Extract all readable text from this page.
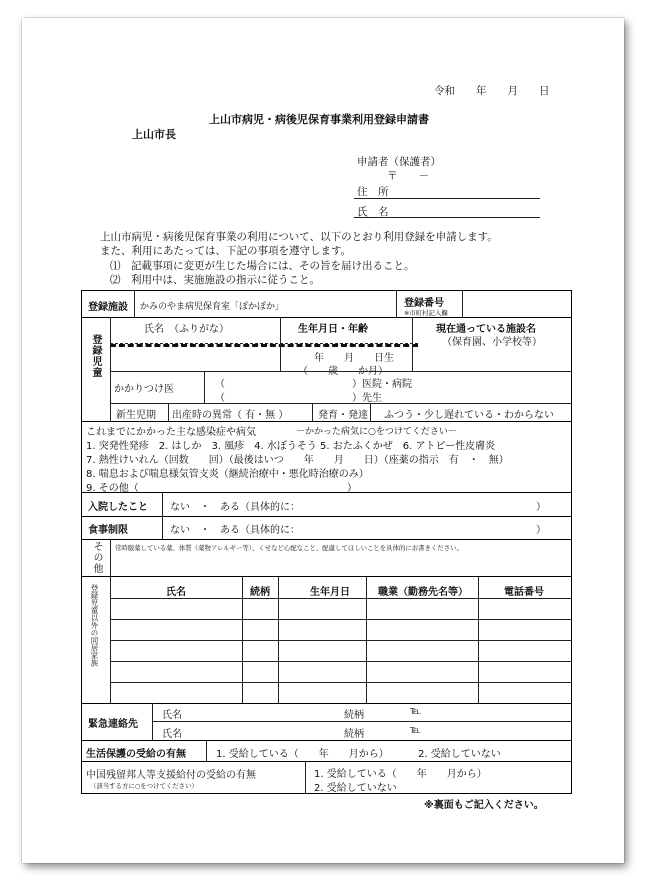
令和　　年　　月　　日
上山市病児・病後児保育事業利用登録申請書
上山市長
申請者（保護者）
〒　　－
住　所
氏　名
上山市病児・病後児保育事業の利用について、以下のとおり利用登録を申請します。
また、利用にあたっては、下記の事項を遵守します。
⑴　記載事項に変更が生じた場合には、その旨を届け出ること。
⑵　利用中は、実施施設の指示に従うこと。
登録施設 かみのやま病児保育室「ぽかぽか」	登録番号
※市町村記入欄
登録児童
氏名　（ふりがな）	生年月日・年齢	現在通っている施設名
（保育園、小学校等）
年　　月　　日生
（　　歳　　か月）
かかりつけ医	（	）医院・病院
（	）先生
新生児期 出産時の異常（ 有・無 ）	発育・発達 ふつう・少し遅れている・わからない
これまでにかかった主な感染症や病気	－かかった病気に○をつけてください－
1. 突発性発疹　2. はしか　3. 風疹　4. 水ぼうそう 5. おたふくかぜ　6. アトピー性皮膚炎
7. 熱性けいれん（回数　　回）（最後はいつ　　年　　月　　日）（座薬の指示　有　・　無）
8. 喘息および喘息様気管支炎（継続治療中・悪化時治療のみ）
9. その他（	）
入院したこと ない　・　ある（具体的に：	）
食事制限	ない　・　ある（具体的に：	）
その他	常時服薬している薬、体質（薬物アレルギー等）、くせなど心配なこと、配慮してほしいことを具体的にお書きください。
登録児童以外の同居家族	氏名	続柄	生年月日	職業（勤務先名等）	電話番号
緊急連絡先
氏名	続柄	℡
氏名	続柄	℡
生活保護の受給の有無	1. 受給している（　　年　　月から）	2. 受給していない
中国残留邦人等支援給付の受給の有無
（該当する方に○をつけてください）
1. 受給している（　　年　　月から）
2. 受給していない
※裏面もご記入ください。
